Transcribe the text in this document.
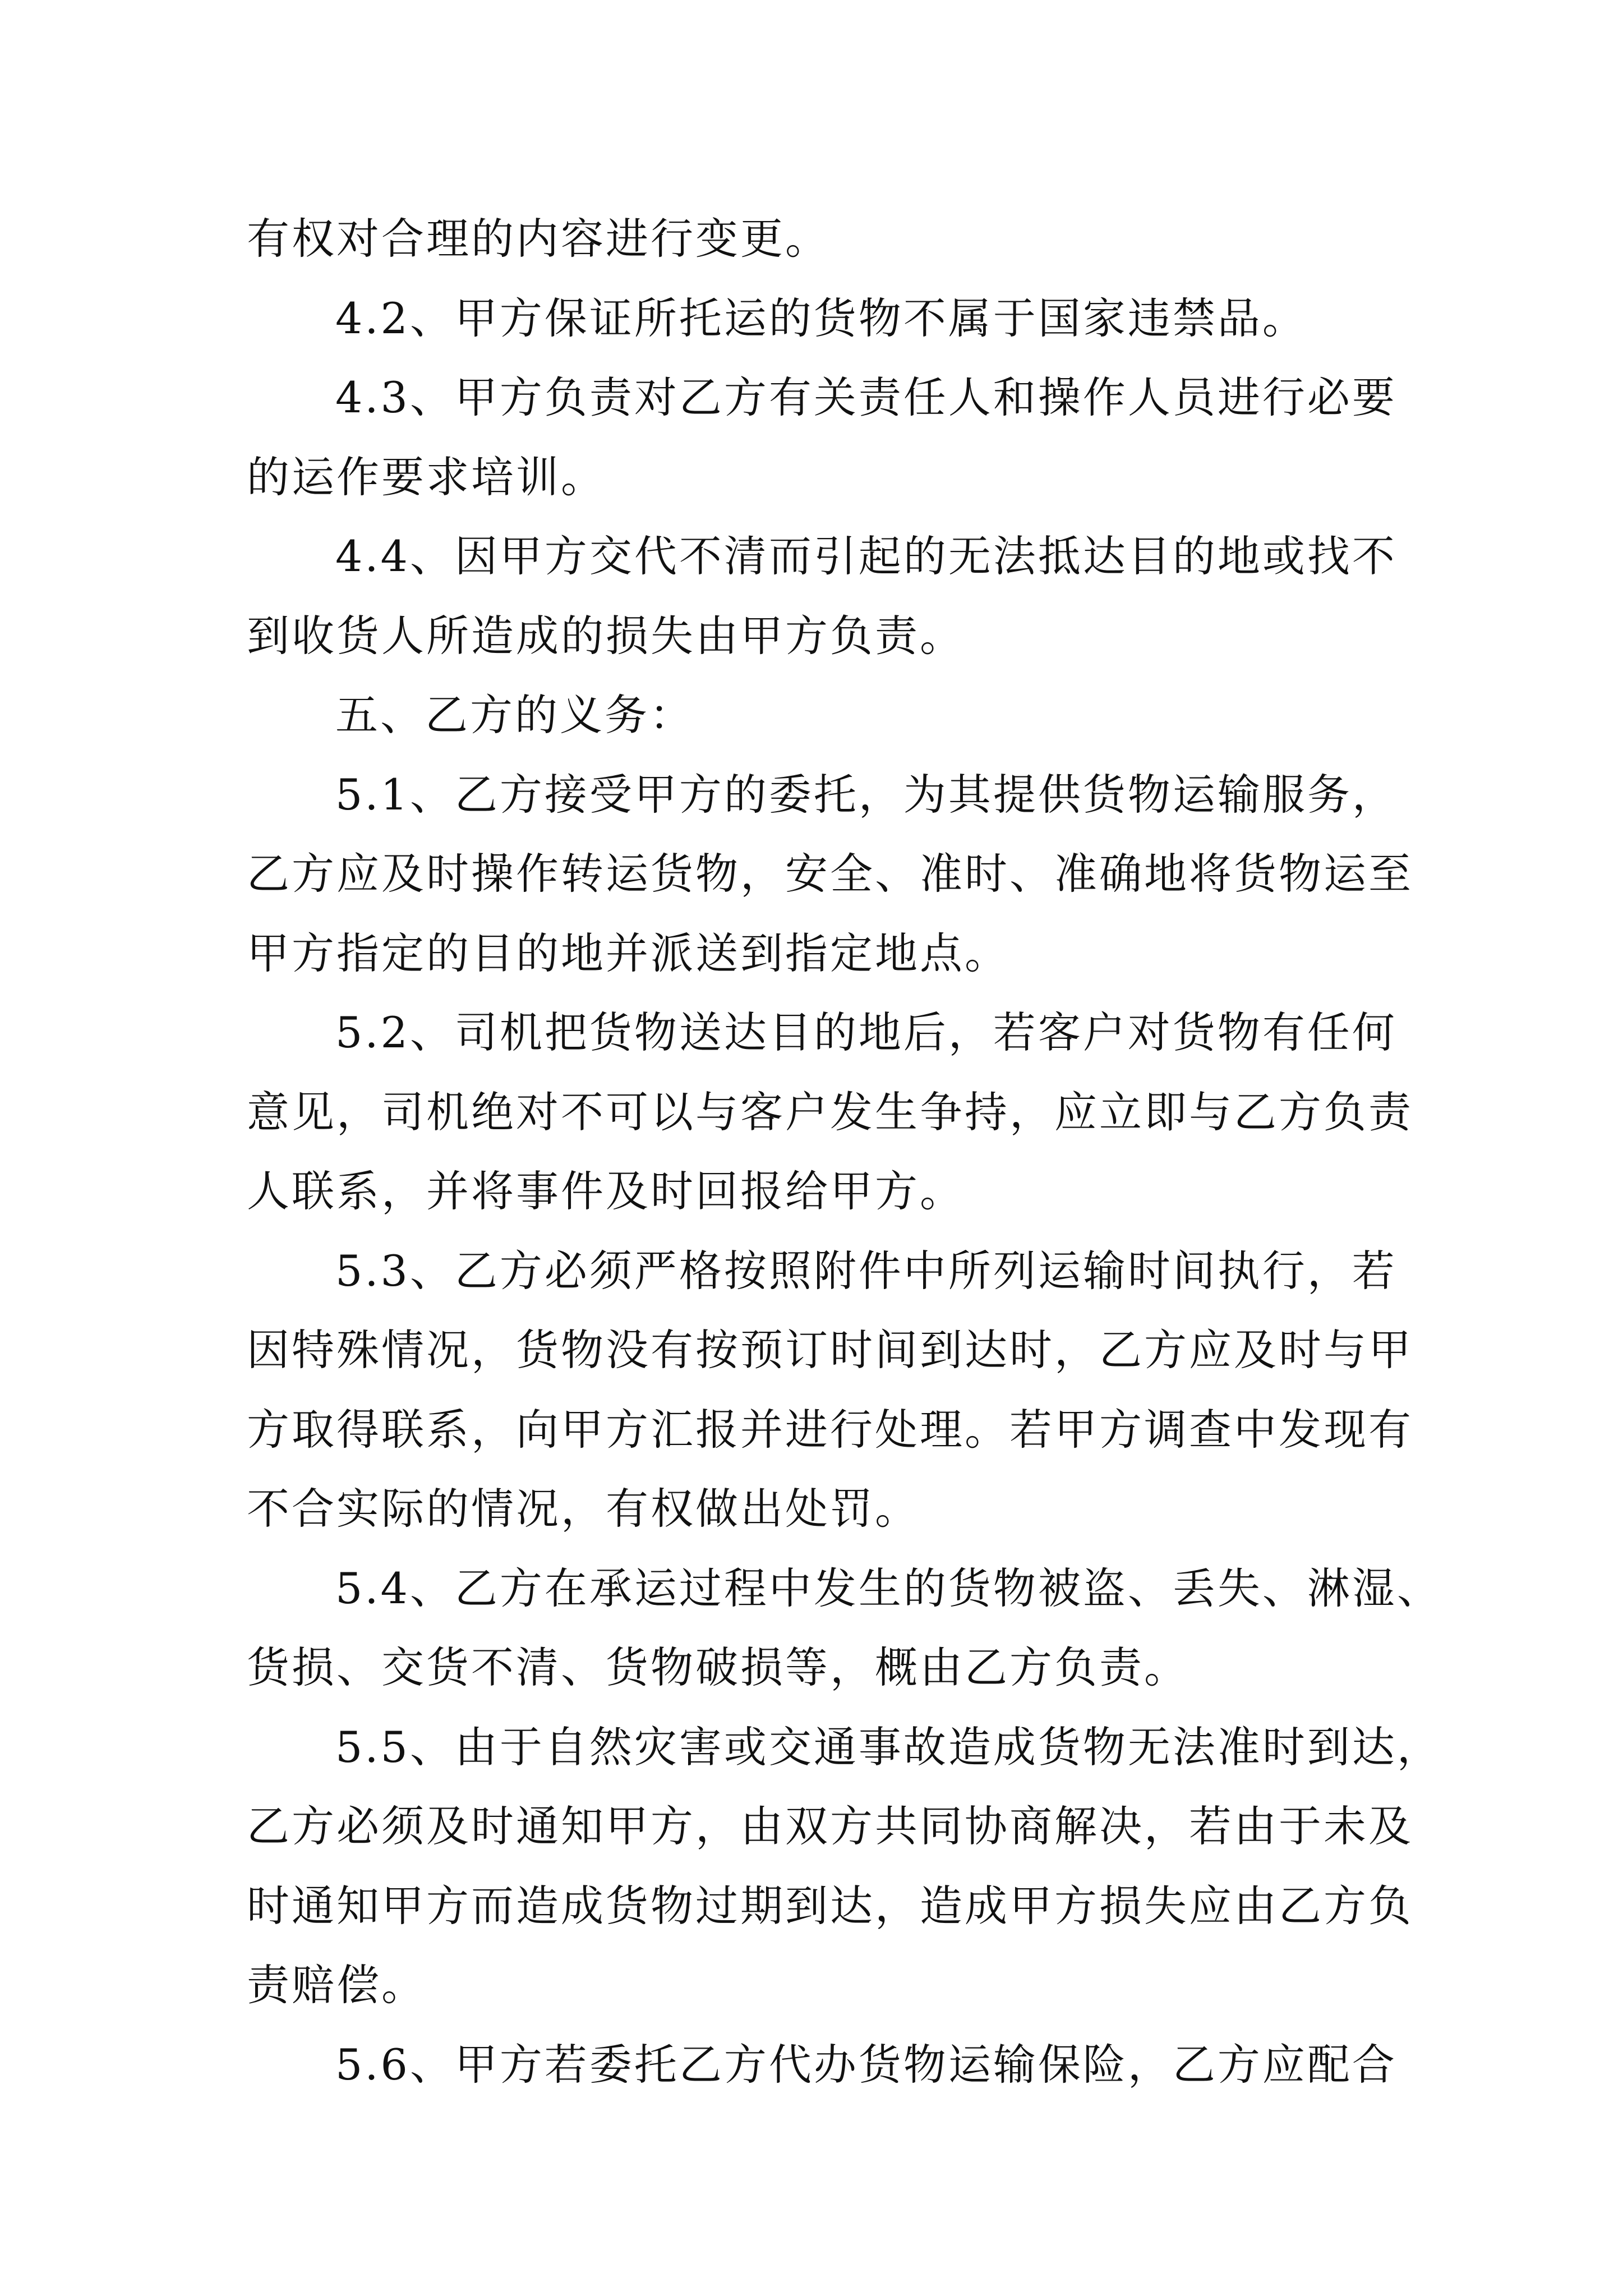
有权对合理的内容进行变更。
4.2、甲方保证所托运的货物不属于国家违禁品。
4.3、甲方负责对乙方有关责任人和操作人员进行必要
的运作要求培训。
4.4、因甲方交代不清而引起的无法抵达目的地或找不
到收货人所造成的损失由甲方负责。
五、乙方的义务：
5.1、乙方接受甲方的委托，为其提供货物运输服务，
乙方应及时操作转运货物，安全、准时、准确地将货物运至
甲方指定的目的地并派送到指定地点。
5.2、司机把货物送达目的地后，若客户对货物有任何
意见，司机绝对不可以与客户发生争持，应立即与乙方负责
人联系，并将事件及时回报给甲方。
5.3、乙方必须严格按照附件中所列运输时间执行，若
因特殊情况，货物没有按预订时间到达时，乙方应及时与甲
方取得联系，向甲方汇报并进行处理。若甲方调查中发现有
不合实际的情况，有权做出处罚。
5.4、乙方在承运过程中发生的货物被盗、丢失、淋湿、
货损、交货不清、货物破损等，概由乙方负责。
5.5、由于自然灾害或交通事故造成货物无法准时到达，
乙方必须及时通知甲方，由双方共同协商解决，若由于未及
时通知甲方而造成货物过期到达，造成甲方损失应由乙方负
责赔偿。
5.6、甲方若委托乙方代办货物运输保险，乙方应配合
